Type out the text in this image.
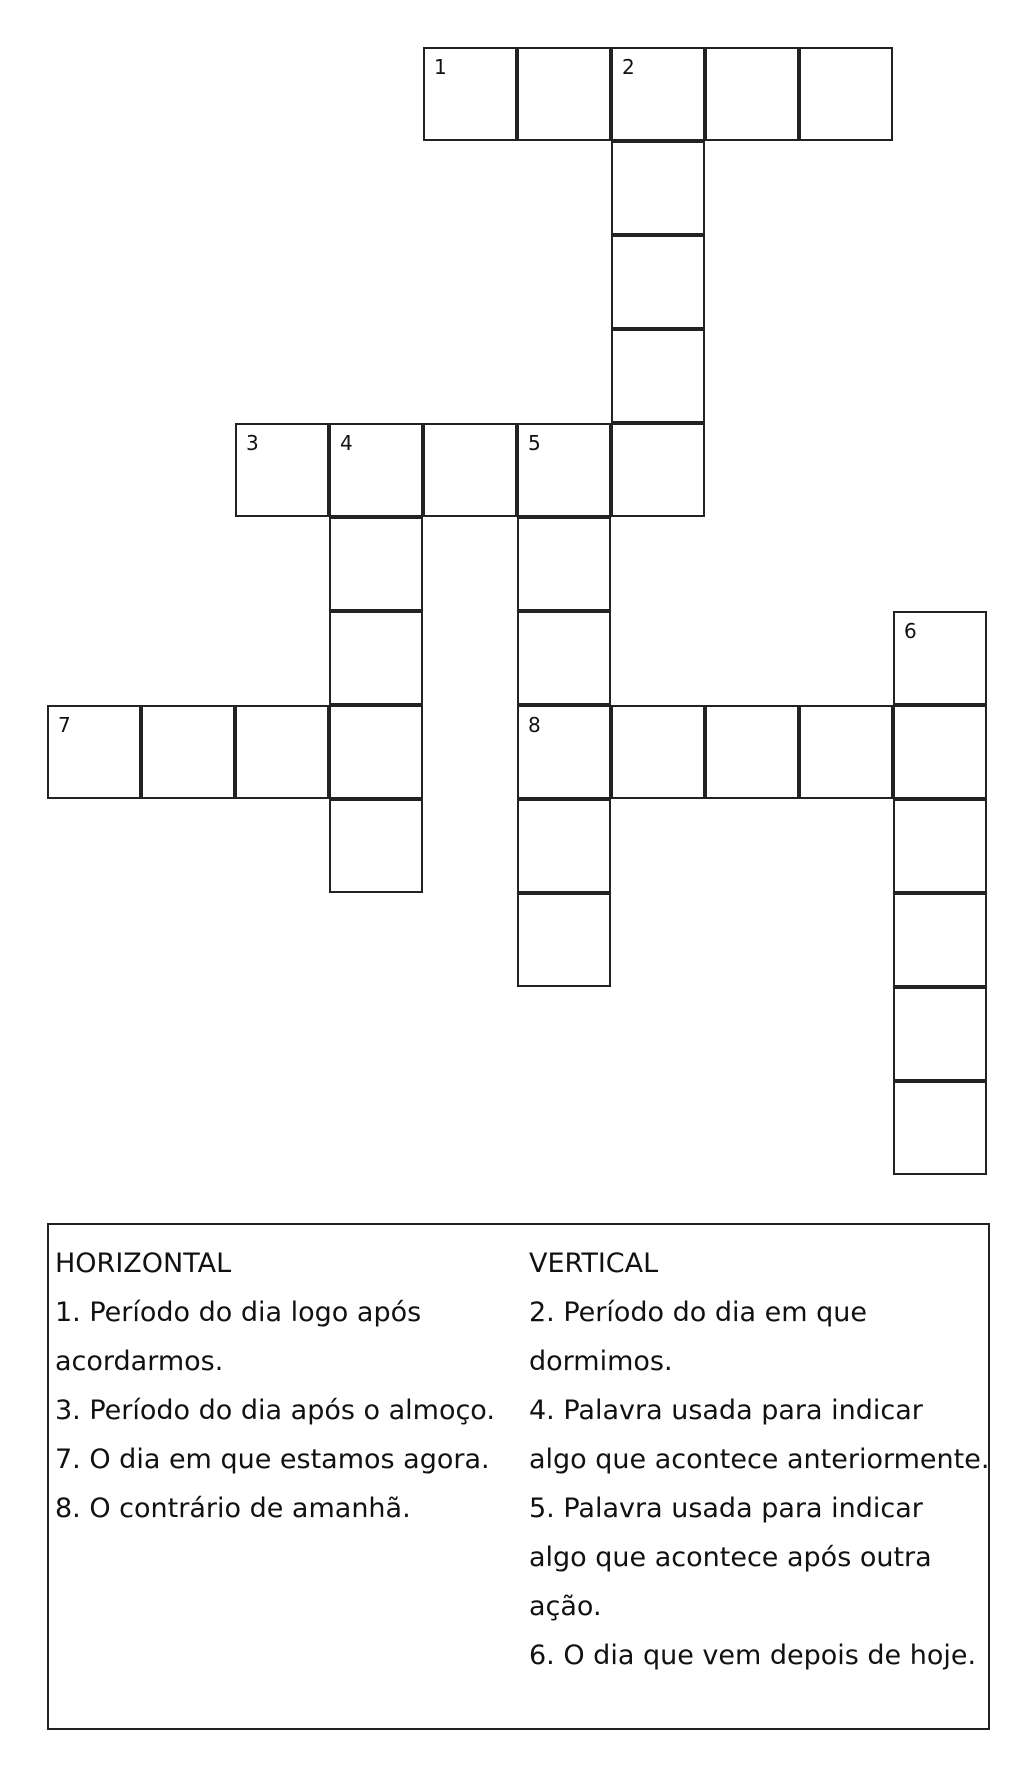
1	2
3	4	5
8
7
6
HORIZONTAL
1. Período do dia logo após
acordarmos.
3. Período do dia após o almoço.
7. O dia em que estamos agora.
8. O contrário de amanhã.
VERTICAL
2. Período do dia em que
dormimos.
4. Palavra usada para indicar
algo que acontece anteriormente.
5. Palavra usada para indicar
algo que acontece após outra
ação.
6. O dia que vem depois de hoje.
